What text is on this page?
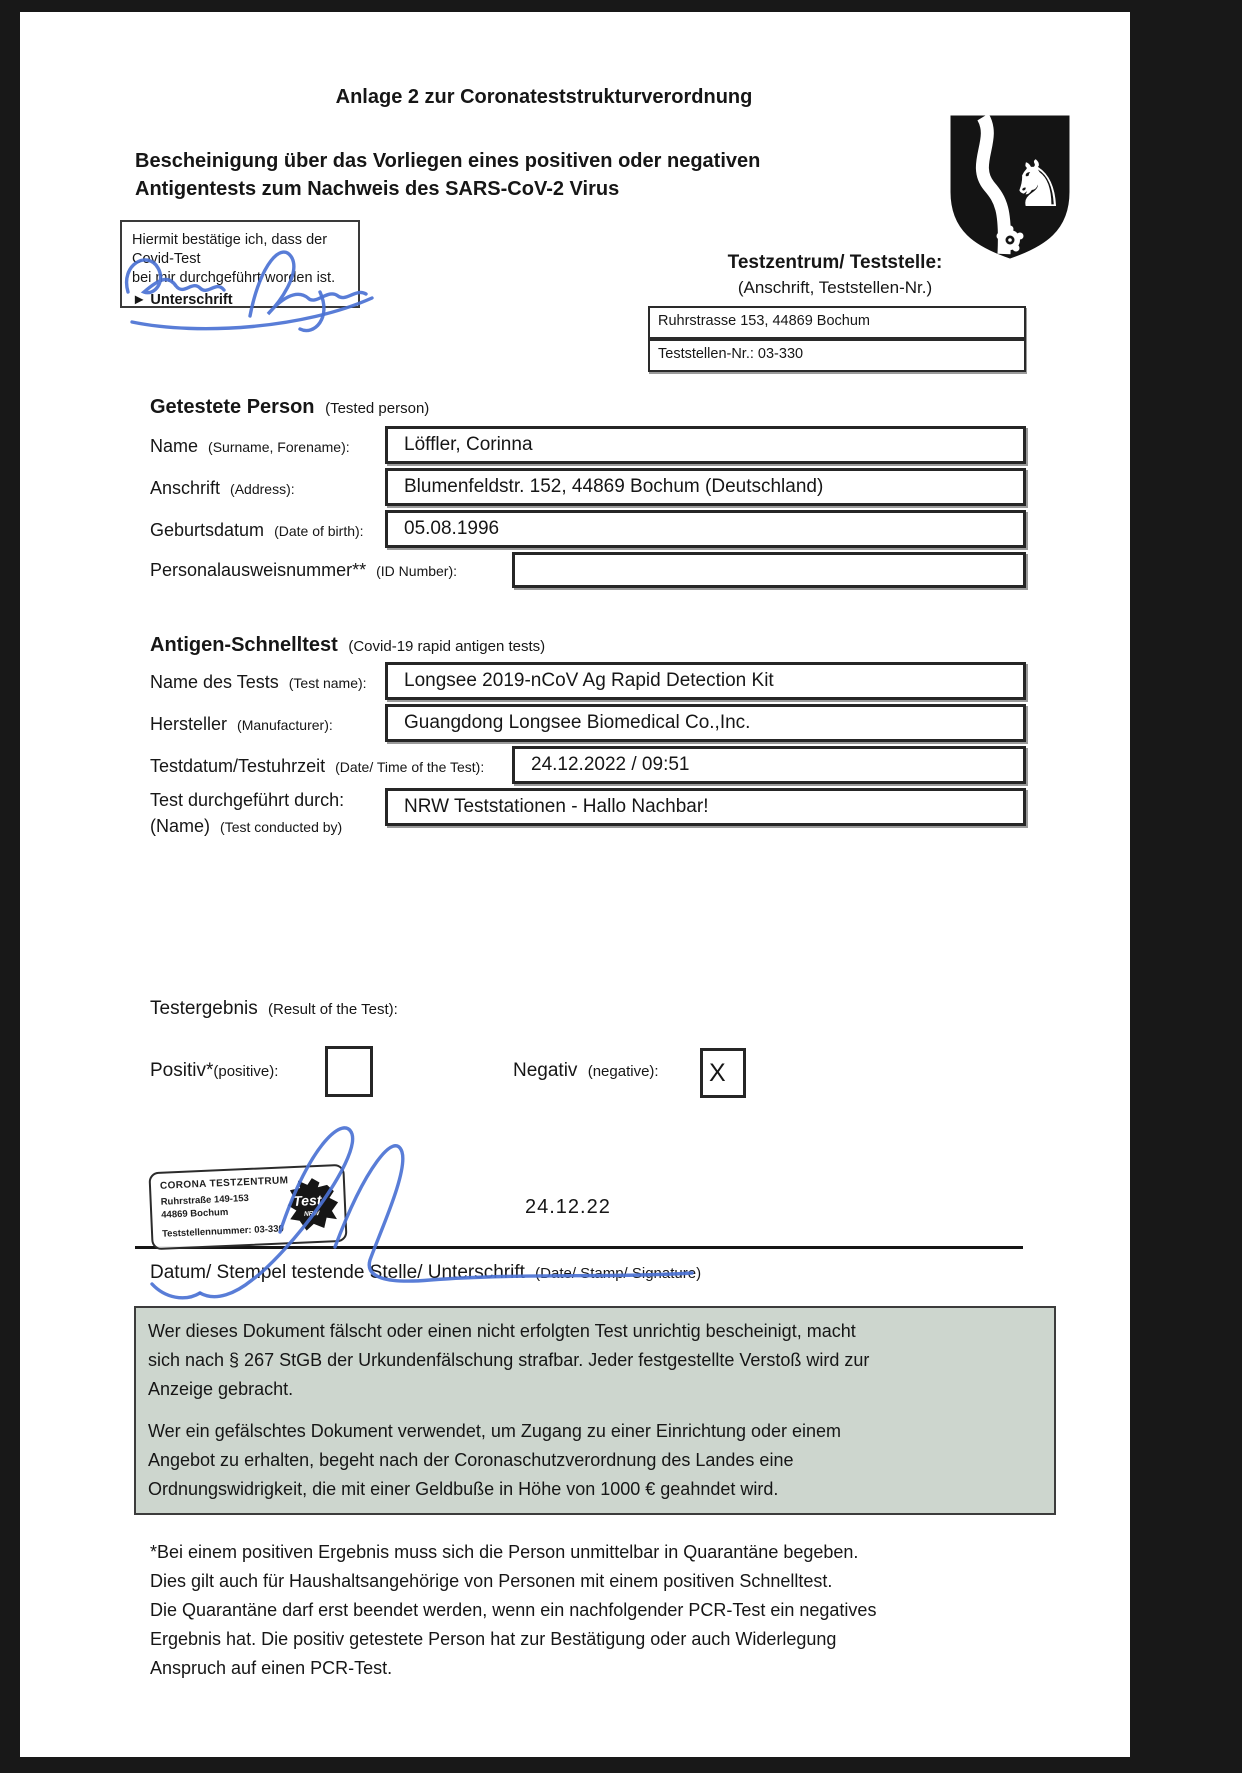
Anlage 2 zur Coronateststrukturverordnung
Bescheinigung über das Vorliegen eines positiven oder negativen
Antigentests zum Nachweis des SARS-CoV-2 Virus	♞
Hiermit bestätige ich, dass der Covid-Test
bei mir durchgeführt worden ist.
► Unterschrift
Testzentrum/ Teststelle:
(Anschrift, Teststellen-Nr.)
Ruhrstrasse 153, 44869 Bochum
Teststellen-Nr.: 03-330
Getestete Person (Tested person)
Name (Surname, Forename):	Löffler, Corinna
Anschrift (Address):	Blumenfeldstr. 152, 44869 Bochum (Deutschland)
Geburtsdatum (Date of birth):	05.08.1996
Personalausweisnummer** (ID Number):
Antigen-Schnelltest (Covid-19 rapid antigen tests)
Name des Tests (Test name):	Longsee 2019-nCoV Ag Rapid Detection Kit
Hersteller (Manufacturer):	Guangdong Longsee Biomedical Co.,Inc.
Testdatum/Testuhrzeit (Date/ Time of the Test):	24.12.2022 / 09:51
Test durchgeführt durch:
(Name) (Test conducted by)
NRW Teststationen - Hallo Nachbar!
Testergebnis (Result of the Test):
Positiv*(positive):	Negativ (negative):	X
CORONA TESTZENTRUM
Ruhrstraße 149-153
44869 Bochum
Teststellennummer: 03-330
Test
NRW	24.12.22
Datum/ Stempel testende Stelle/ Unterschrift (Date/ Stamp/ Signature)
Wer dieses Dokument fälscht oder einen nicht erfolgten Test unrichtig bescheinigt, macht
sich nach § 267 StGB der Urkundenfälschung strafbar. Jeder festgestellte Verstoß wird zur
Anzeige gebracht.
Wer ein gefälschtes Dokument verwendet, um Zugang zu einer Einrichtung oder einem
Angebot zu erhalten, begeht nach der Coronaschutzverordnung des Landes eine
Ordnungswidrigkeit, die mit einer Geldbuße in Höhe von 1000 € geahndet wird.
*Bei einem positiven Ergebnis muss sich die Person unmittelbar in Quarantäne begeben.
Dies gilt auch für Haushaltsangehörige von Personen mit einem positiven Schnelltest.
Die Quarantäne darf erst beendet werden, wenn ein nachfolgender PCR-Test ein negatives
Ergebnis hat. Die positiv getestete Person hat zur Bestätigung oder auch Widerlegung
Anspruch auf einen PCR-Test.
